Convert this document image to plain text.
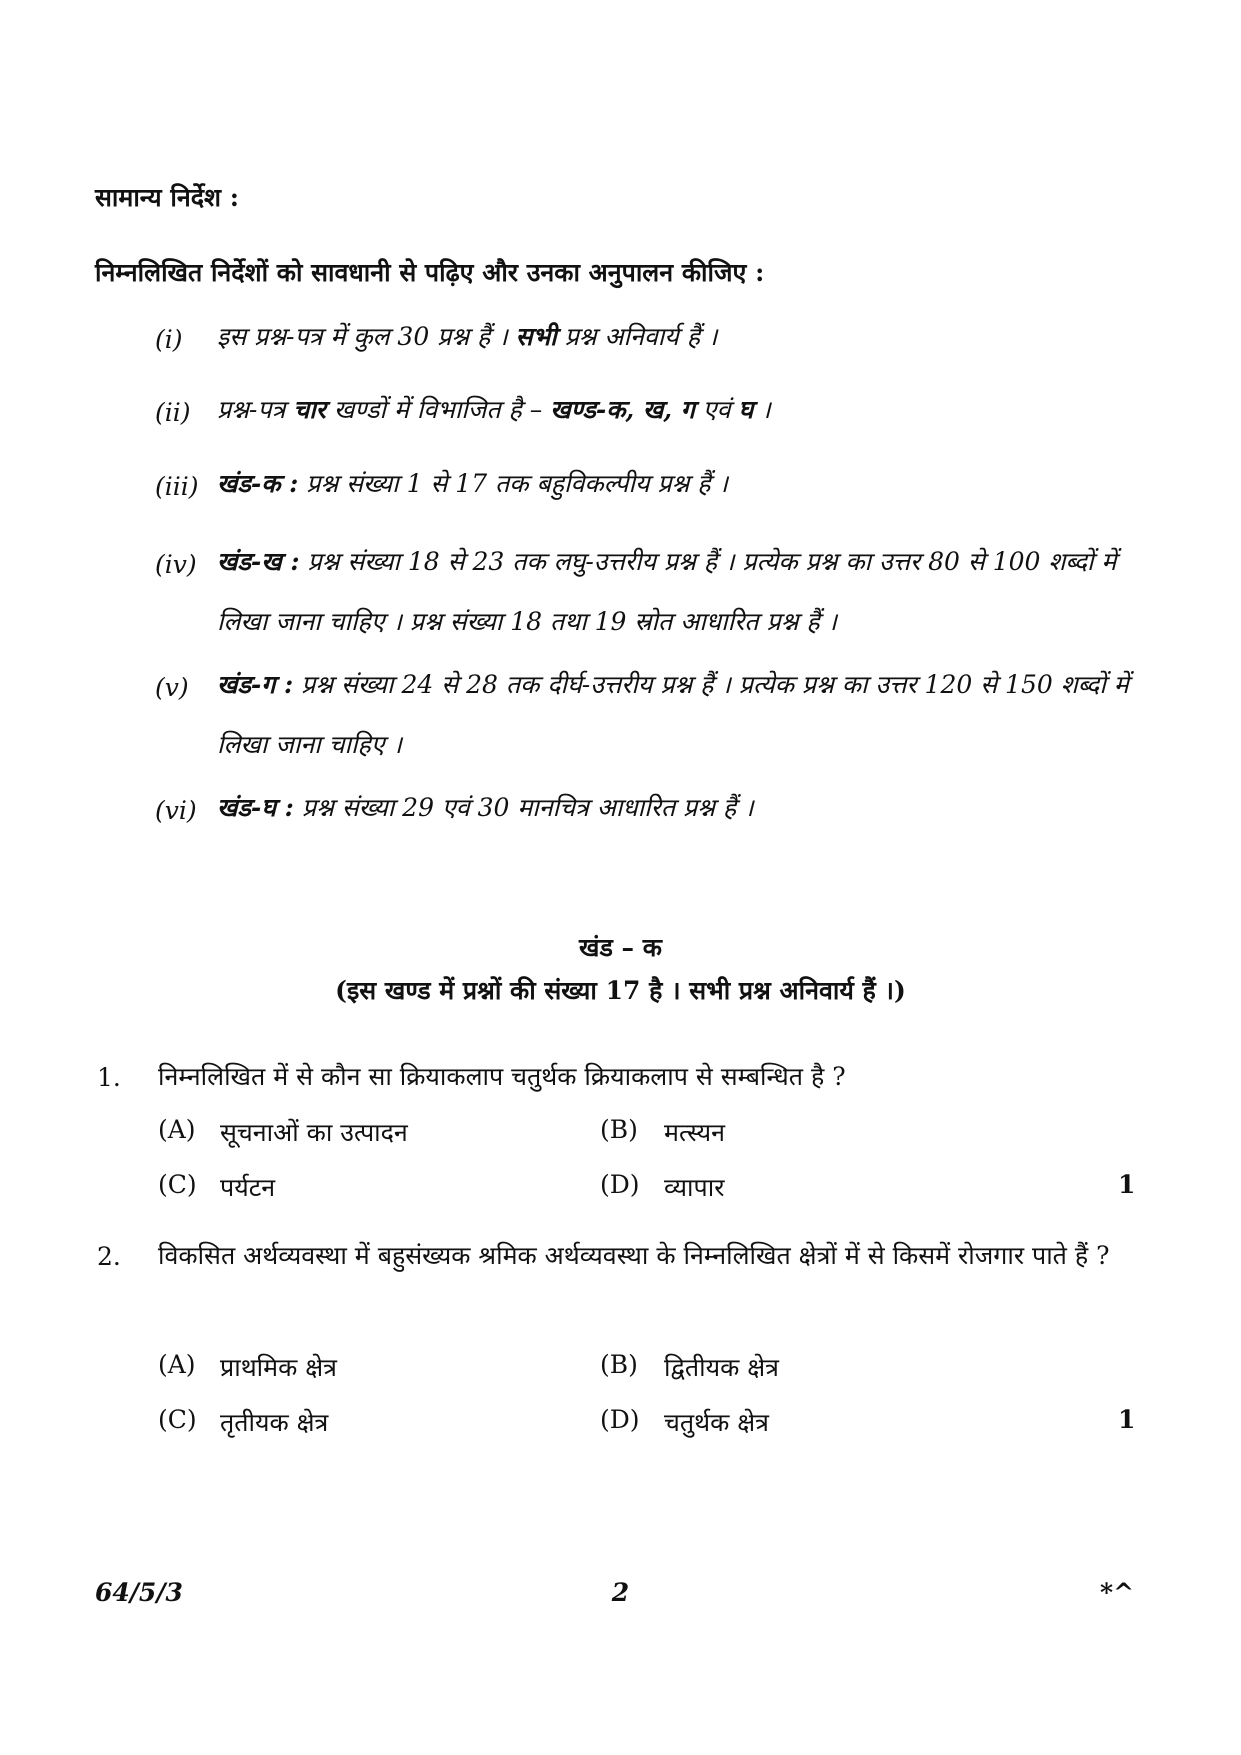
सामान्य निर्देश :
निम्नलिखित निर्देशों को सावधानी से पढ़िए और उनका अनुपालन कीजिए :
(i) इस प्रश्न-पत्र में कुल 30 प्रश्न हैं । सभी प्रश्न अनिवार्य हैं ।
(ii) प्रश्न-पत्र चार खण्डों में विभाजित है – खण्ड-क, ख, ग एवं घ ।
(iii) खंड-क : प्रश्न संख्या 1 से 17 तक बहुविकल्पीय प्रश्न हैं ।
(iv) खंड-ख : प्रश्न संख्या 18 से 23 तक लघु-उत्तरीय प्रश्न हैं । प्रत्येक प्रश्न का उत्तर 80 से 100 शब्दों में लिखा जाना चाहिए । प्रश्न संख्या 18 तथा 19 स्रोत आधारित प्रश्न हैं ।
(v) खंड-ग : प्रश्न संख्या 24 से 28 तक दीर्घ-उत्तरीय प्रश्न हैं । प्रत्येक प्रश्न का उत्तर 120 से 150 शब्दों में लिखा जाना चाहिए ।
(vi) खंड-घ : प्रश्न संख्या 29 एवं 30 मानचित्र आधारित प्रश्न हैं ।
खंड – क
(इस खण्ड में प्रश्नों की संख्या 17 है । सभी प्रश्न अनिवार्य हैं ।)
1. निम्नलिखित में से कौन सा क्रियाकलाप चतुर्थक क्रियाकलाप से सम्बन्धित है ?
(A) सूचनाओं का उत्पादन	(B) मत्स्यन
(C) पर्यटन	(D) व्यापार	1
2. विकसित अर्थव्यवस्था में बहुसंख्यक श्रमिक अर्थव्यवस्था के निम्नलिखित क्षेत्रों में से किसमें रोजगार पाते हैं ?
(A) प्राथमिक क्षेत्र	(B) द्वितीयक क्षेत्र
(C) तृतीयक क्षेत्र	(D) चतुर्थक क्षेत्र	1
64/5/3	2	*^
